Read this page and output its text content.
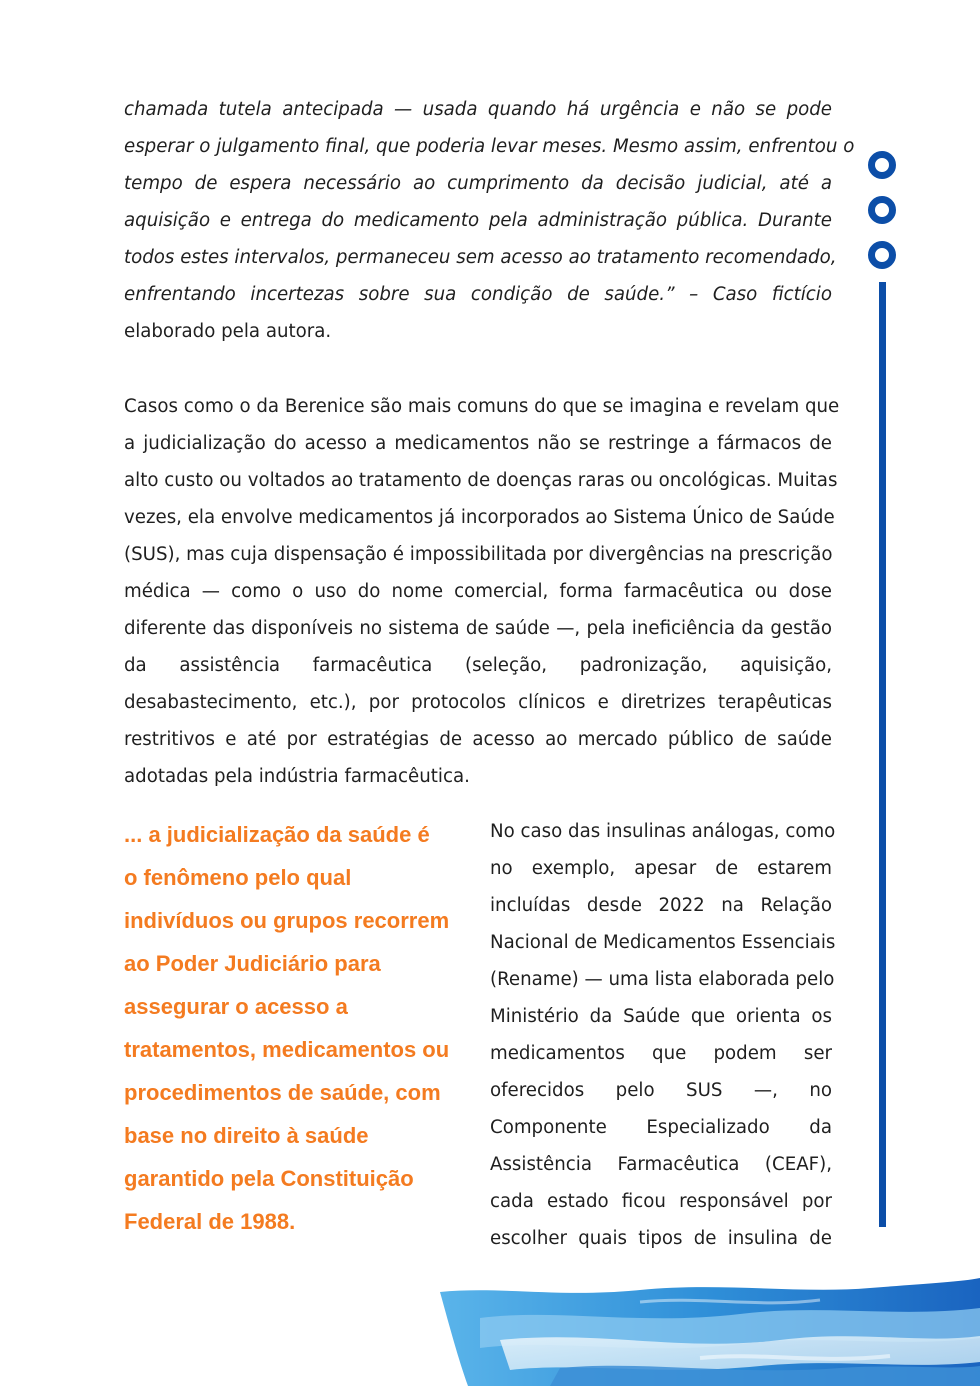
chamada tutela antecipada — usada quando há urgência e não se pode
esperar o julgamento final, que poderia levar meses. Mesmo assim, enfrentou o
tempo de espera necessário ao cumprimento da decisão judicial, até a
aquisição e entrega do medicamento pela administração pública. Durante
todos estes intervalos, permaneceu sem acesso ao tratamento recomendado,
enfrentando incertezas sobre sua condição de saúde.” – Caso fictício
elaborado pela autora.
Casos como o da Berenice são mais comuns do que se imagina e revelam que
a judicialização do acesso a medicamentos não se restringe a fármacos de
alto custo ou voltados ao tratamento de doenças raras ou oncológicas. Muitas
vezes, ela envolve medicamentos já incorporados ao Sistema Único de Saúde
(SUS), mas cuja dispensação é impossibilitada por divergências na prescrição
médica — como o uso do nome comercial, forma farmacêutica ou dose
diferente das disponíveis no sistema de saúde —, pela ineficiência da gestão
da assistência farmacêutica (seleção, padronização, aquisição,
desabastecimento, etc.), por protocolos clínicos e diretrizes terapêuticas
restritivos e até por estratégias de acesso ao mercado público de saúde
adotadas pela indústria farmacêutica.
... a judicialização da saúde é
o fenômeno pelo qual
indivíduos ou grupos recorrem
ao Poder Judiciário para
assegurar o acesso a
tratamentos, medicamentos ou
procedimentos de saúde, com
base no direito à saúde
garantido pela Constituição
Federal de 1988.
No caso das insulinas análogas, como
no exemplo, apesar de estarem
incluídas desde 2022 na Relação
Nacional de Medicamentos Essenciais
(Rename) — uma lista elaborada pelo
Ministério da Saúde que orienta os
medicamentos que podem ser
oferecidos pelo SUS —, no
Componente Especializado da
Assistência Farmacêutica (CEAF),
cada estado ficou responsável por
escolher quais tipos de insulina de
